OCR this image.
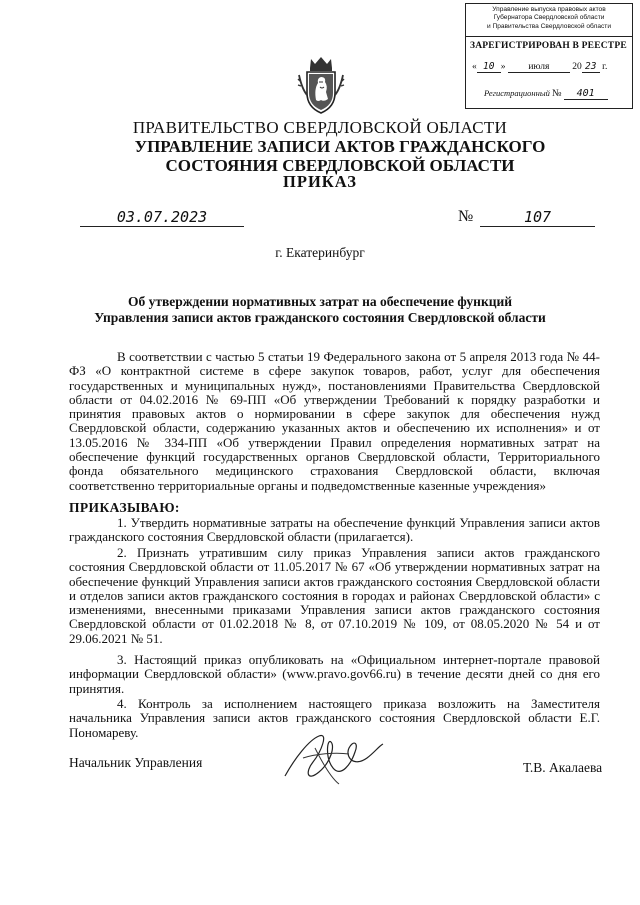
Управление выпуска правовых актов
Губернатора Свердловской области
и Правительства Свердловской области
ЗАРЕГИСТРИРОВАН В РЕЕСТРЕ
« 10 » июля 20 23 г.
Регистрационный № 401
ПРАВИТЕЛЬСТВО СВЕРДЛОВСКОЙ ОБЛАСТИ
УПРАВЛЕНИЕ ЗАПИСИ АКТОВ ГРАЖДАНСКОГО СОСТОЯНИЯ СВЕРДЛОВСКОЙ ОБЛАСТИ
ПРИКАЗ
03.07.2023	№	107
г. Екатеринбург
Об утверждении нормативных затрат на обеспечение функций
Управления записи актов гражданского состояния Свердловской области
В соответствии с частью 5 статьи 19 Федерального закона от 5 апреля 2013 года № 44-ФЗ «О контрактной системе в сфере закупок товаров, работ, услуг для обеспечения государственных и муниципальных нужд», постановлениями Правительства Свердловской области от 04.02.2016 № 69-ПП «Об утверждении Требований к порядку разработки и принятия правовых актов о нормировании в сфере закупок для обеспечения нужд Свердловской области, содержанию указанных актов и обеспечению их исполнения» и от 13.05.2016 № 334-ПП «Об утверждении Правил определения нормативных затрат на обеспечение функций государственных органов Свердловской области, Территориального фонда обязательного медицинского страхования Свердловской области, включая соответственно территориальные органы и подведомственные казенные учреждения»
ПРИКАЗЫВАЮ:
1. Утвердить нормативные затраты на обеспечение функций Управления записи актов гражданского состояния Свердловской области (прилагается).
2. Признать утратившим силу приказ Управления записи актов гражданского состояния Свердловской области от 11.05.2017 № 67 «Об утверждении нормативных затрат на обеспечение функций Управления записи актов гражданского состояния Свердловской области и отделов записи актов гражданского состояния в городах и районах Свердловской области» с изменениями, внесенными приказами Управления записи актов гражданского состояния Свердловской области от 01.02.2018 № 8, от 07.10.2019 № 109, от 08.05.2020 № 54 и от 29.06.2021 № 51.
3. Настоящий приказ опубликовать на «Официальном интернет-портале правовой информации Свердловской области» (www.pravo.gov66.ru) в течение десяти дней со дня его принятия.
4. Контроль за исполнением настоящего приказа возложить на Заместителя начальника Управления записи актов гражданского состояния Свердловской области Е.Г. Пономареву.
Начальник Управления	Т.В. Акалаева
